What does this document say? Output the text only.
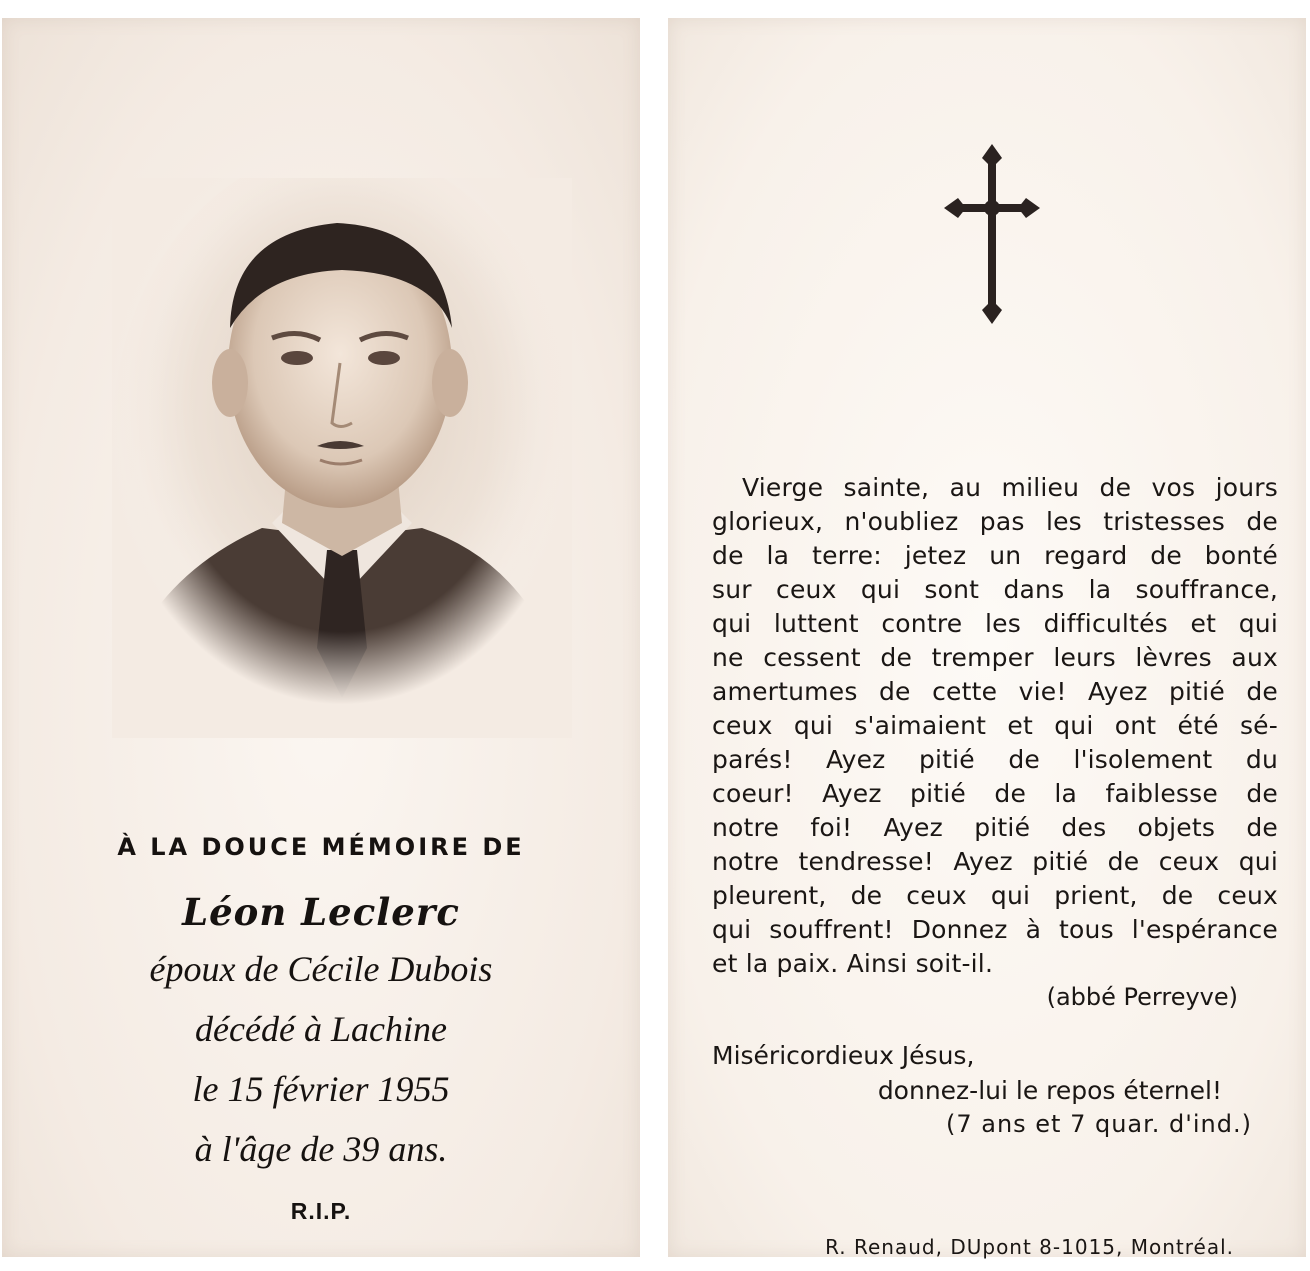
À LA DOUCE MÉMOIRE DE
Léon Leclerc
époux de Cécile Dubois
décédé à Lachine
le 15 février 1955
à l'âge de 39 ans.
R.I.P.
Vierge sainte, au milieu de vos jours
glorieux, n'oubliez pas les tristesses de
de la terre: jetez un regard de bonté
sur ceux qui sont dans la souffrance,
qui luttent contre les difficultés et qui
ne cessent de tremper leurs lèvres aux
amertumes de cette vie! Ayez pitié de
ceux qui s'aimaient et qui ont été sé-
parés! Ayez pitié de l'isolement du
coeur! Ayez pitié de la faiblesse de
notre foi! Ayez pitié des objets de
notre tendresse! Ayez pitié de ceux qui
pleurent, de ceux qui prient, de ceux
qui souffrent! Donnez à tous l'espérance
et la paix. Ainsi soit-il.
(abbé Perreyve)
Miséricordieux Jésus,
donnez-lui le repos éternel!
(7 ans et 7 quar. d'ind.)
R. Renaud, DUpont 8-1015, Montréal.
